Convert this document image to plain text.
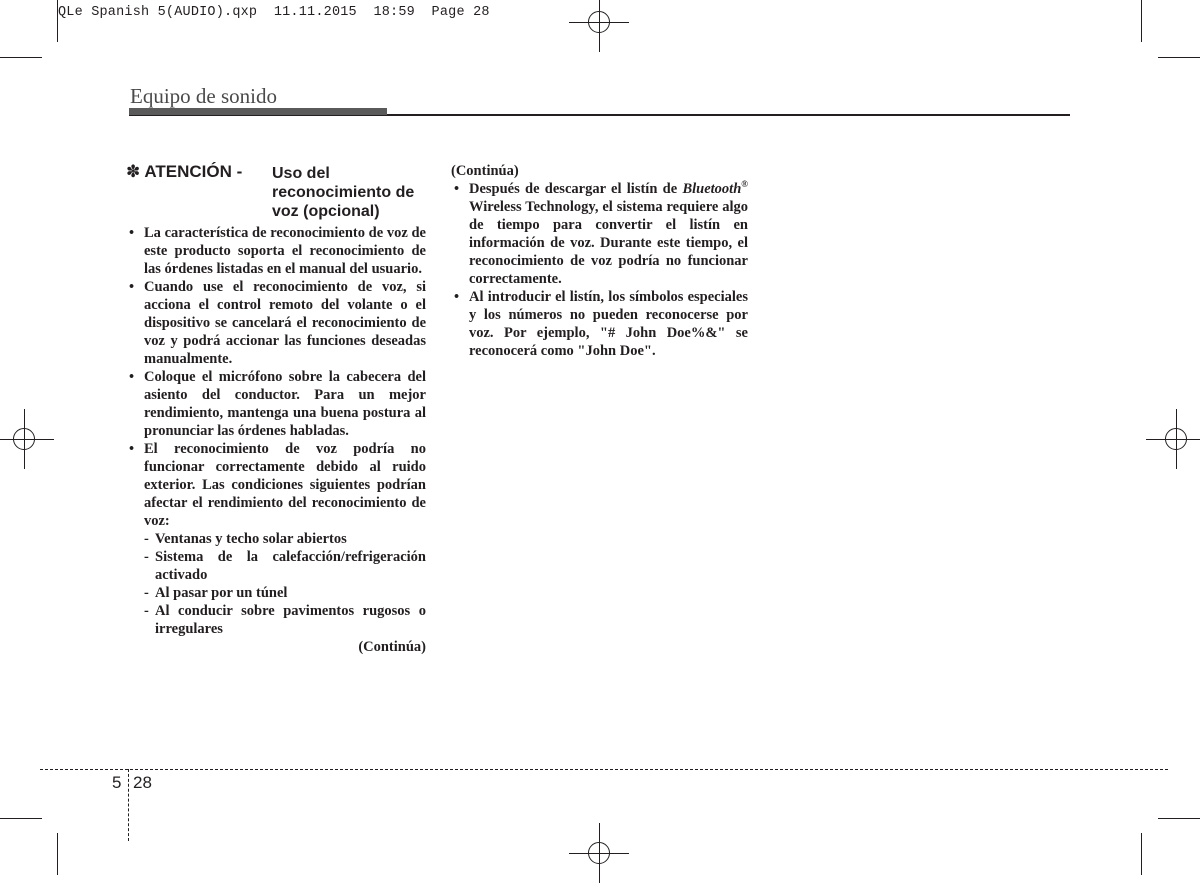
QLe Spanish 5(AUDIO).qxp  11.11.2015  18:59  Page 28
Equipo de sonido
✽ ATENCIÓN - Uso del reconocimiento de voz (opcional)
• La característica de reconocimiento de voz de este producto soporta el reconocimiento de las órdenes listadas en el manual del usuario.
• Cuando use el reconocimiento de voz, si acciona el control remoto del volante o el dispositivo se cancelará el reconocimiento de voz y podrá accionar las funciones deseadas manualmente.
• Coloque el micrófono sobre la cabecera del asiento del conductor. Para un mejor rendimiento, mantenga una buena postura al pronunciar las órdenes habladas.
• El reconocimiento de voz podría no funcionar correctamente debido al ruido exterior. Las condiciones siguientes podrían afectar el rendimiento del reconocimiento de voz:
- Ventanas y techo solar abiertos
- Sistema de la calefacción/refrigeración activado
- Al pasar por un túnel
- Al conducir sobre pavimentos rugosos o irregulares
(Continúa)
(Continúa)
• Después de descargar el listín de Bluetooth® Wireless Technology, el sistema requiere algo de tiempo para convertir el listín en información de voz. Durante este tiempo, el reconocimiento de voz podría no funcionar correctamente.
• Al introducir el listín, los símbolos especiales y los números no pueden reconocerse por voz. Por ejemplo, "# John Doe%&" se reconocerá como "John Doe".
5 28
